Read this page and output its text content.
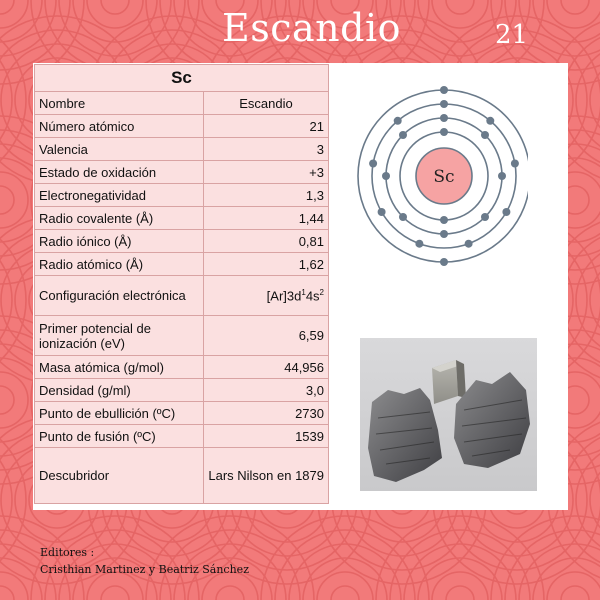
Escandio	21
Sc	
Nombre	Escandio
Número atómico	21
Valencia	3
Estado de oxidación	+3
Electronegatividad	1,3
Radio covalente (Å)	1,44
Radio iónico (Å)	0,81
Radio atómico (Å)	1,62
Configuración electrónica	$[Ar]3d^14s^2$
Primer potencial de ionización (eV)	6,59
Masa atómica (g/mol)	44,956
Densidad (g/ml)	3,0
Punto de ebullición (ºC)	2730
Punto de fusión (ºC)	1539
Descubridor	Lars Nilson en 1879
Sc
Editores :
Cristhian Martinez y Beatriz Sánchez
